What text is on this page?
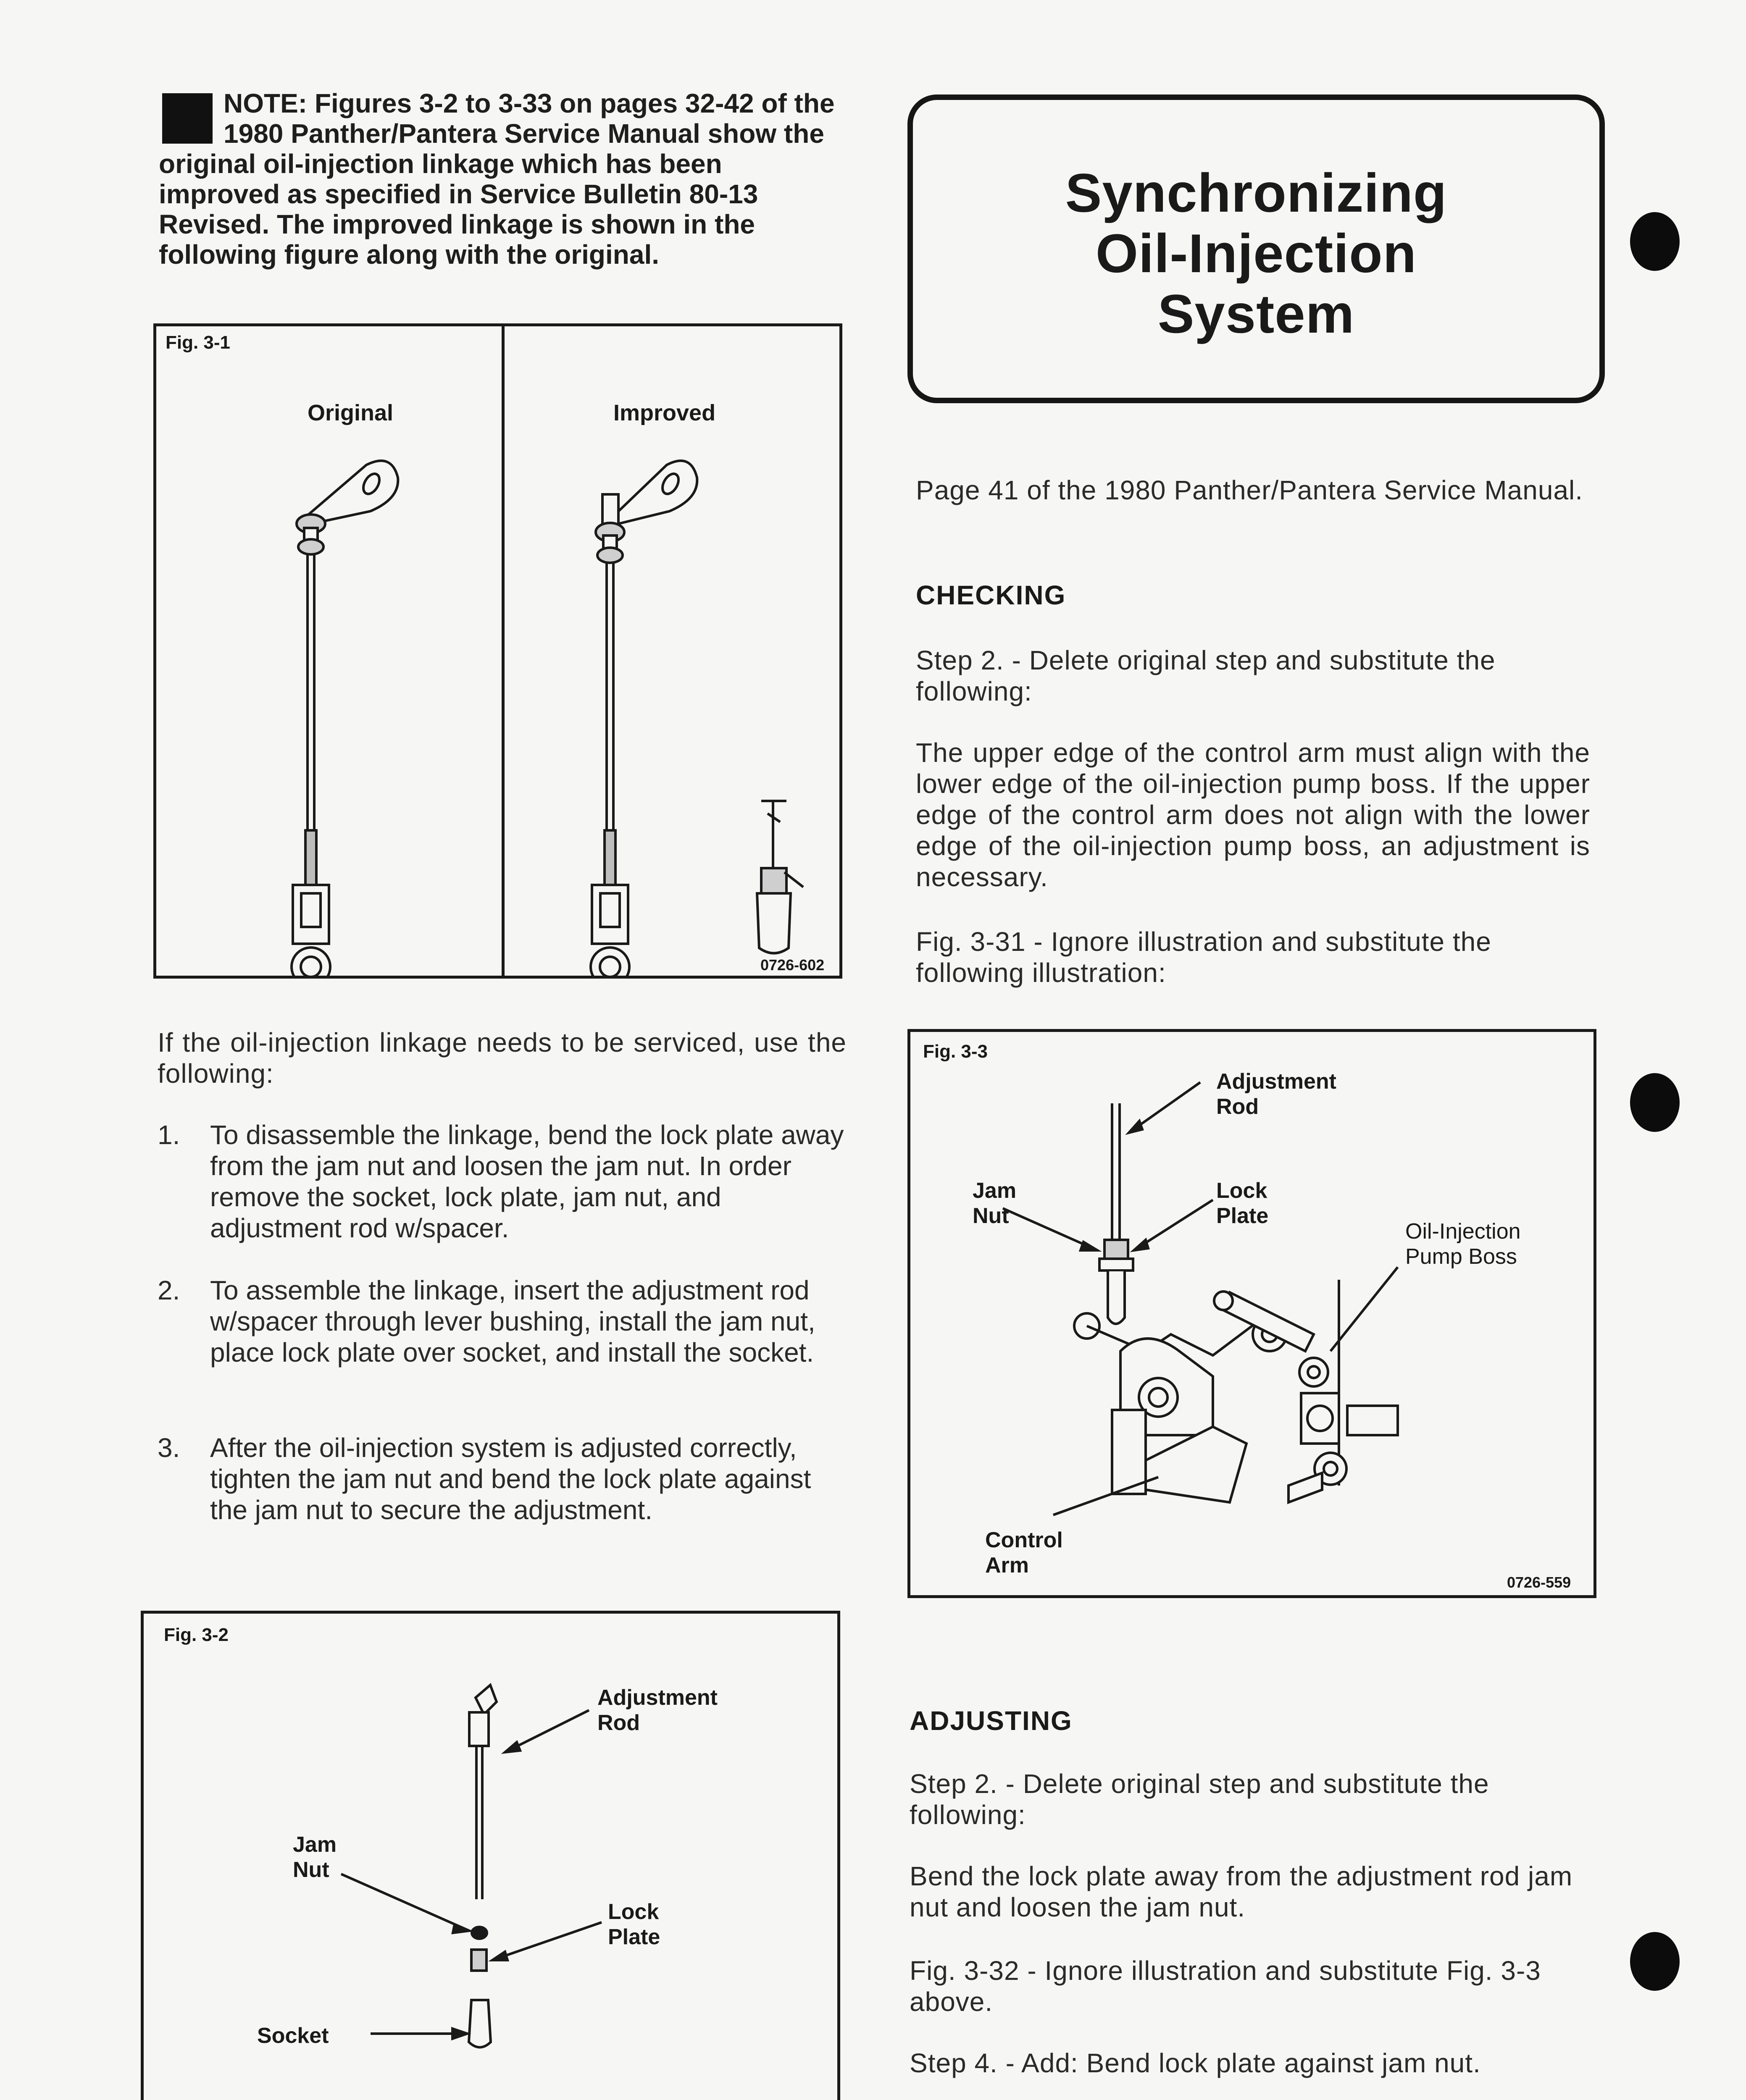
NOTE: Figures 3-2 to 3-33 on pages 32-42 of the 1980 Panther/Pantera Service Manual show the original oil-injection linkage which has been improved as specified in Service Bulletin 80-13 Revised. The improved linkage is shown in the following figure along with the original.
Synchronizing
Oil-Injection
System
Fig. 3-1
Original	Improved
0726-602
Page 41 of the 1980 Panther/Pantera Service Manual.
CHECKING
Step 2. - Delete original step and substitute the following:
The upper edge of the control arm must align with the lower edge of the oil-injection pump boss. If the upper edge of the control arm does not align with the lower edge of the oil-injection pump boss, an adjustment is necessary.
Fig. 3-31 - Ignore illustration and substitute the following illustration:
If the oil-injection linkage needs to be serviced, use the following:
1.	To disassemble the linkage, bend the lock plate away from the jam nut and loosen the jam nut. In order remove the socket, lock plate, jam nut, and adjustment rod w/spacer.
2.	To assemble the linkage, insert the adjustment rod w/spacer through lever bushing, install the jam nut, place lock plate over socket, and install the socket.
3.	After the oil-injection system is adjusted correctly, tighten the jam nut and bend the lock plate against the jam nut to secure the adjustment.
Fig. 3-3
Adjustment
Rod
Jam
Nut
Lock
Plate
Oil-Injection
Pump Boss
Control
Arm
0726-559
Fig. 3-2
Adjustment
Rod
Jam
Nut
Lock
Plate
Socket
ADJUSTING
Step 2. - Delete original step and substitute the following:
Bend the lock plate away from the adjustment rod jam nut and loosen the jam nut.
Fig. 3-32 - Ignore illustration and substitute Fig. 3-3 above.
Step 4. - Add: Bend lock plate against jam nut.
